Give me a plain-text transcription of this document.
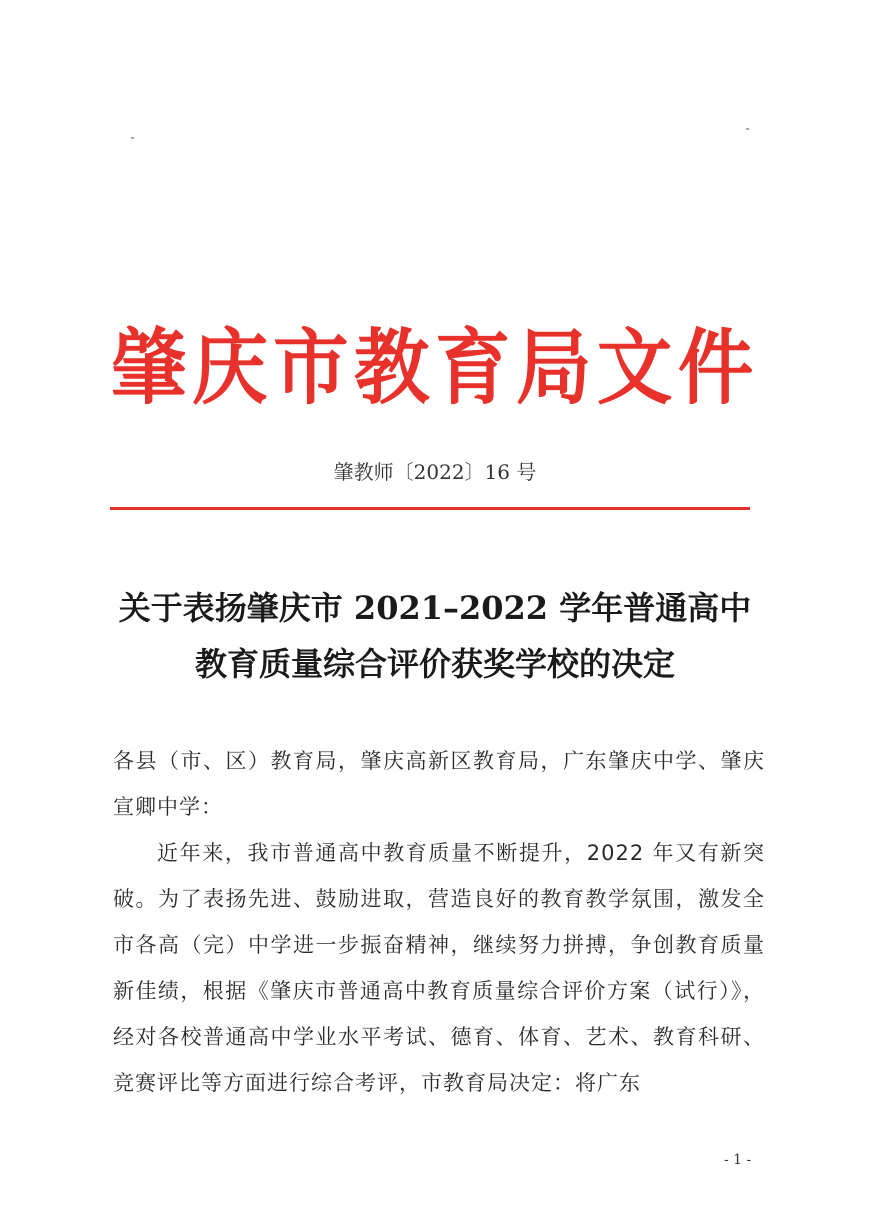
肇庆市教育局文件
肇教师〔2022〕16 号
关于表扬肇庆市 2021–2022 学年普通高中
教育质量综合评价获奖学校的决定

各县（市、区）教育局，肇庆高新区教育局，广东肇庆中学、肇庆宣卿中学：

近年来，我市普通高中教育质量不断提升，2022 年又有新突破。为了表扬先进、鼓励进取，营造良好的教育教学氛围，激发全市各高（完）中学进一步振奋精神，继续努力拼搏，争创教育质量新佳绩，根据《肇庆市普通高中教育质量综合评价方案（试行）》，经对各校普通高中学业水平考试、德育、体育、艺术、教育科研、竞赛评比等方面进行综合考评，市教育局决定：将广东

- 1 -
